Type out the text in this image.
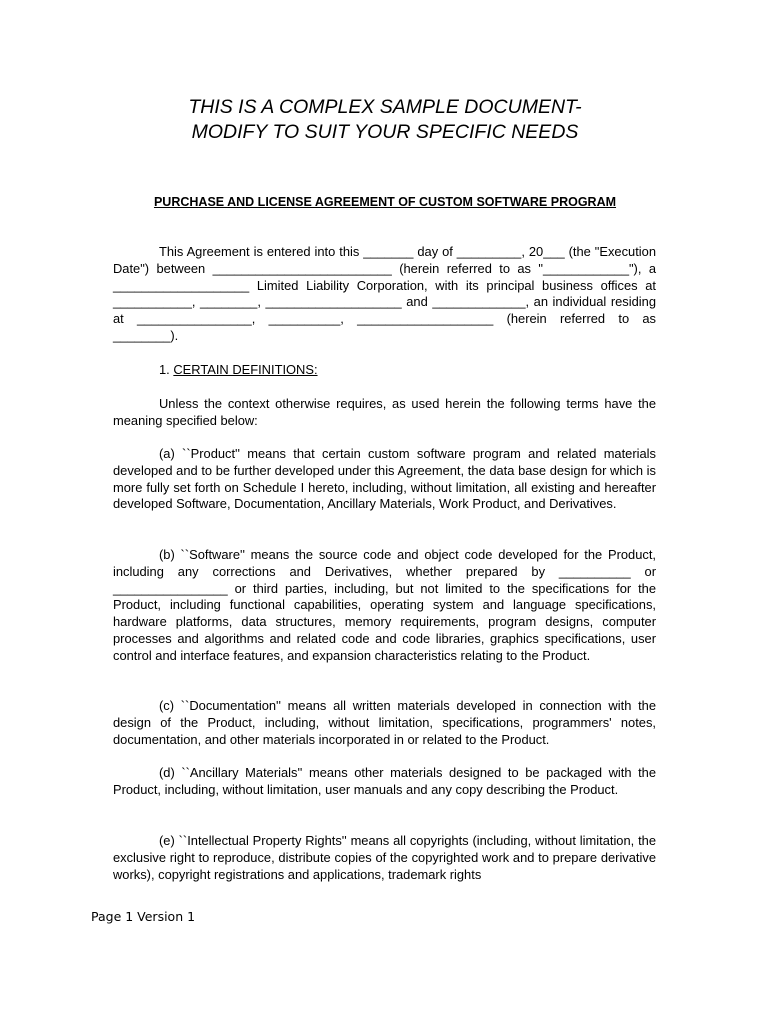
THIS IS A COMPLEX SAMPLE DOCUMENT-
MODIFY TO SUIT YOUR SPECIFIC NEEDS
PURCHASE AND LICENSE AGREEMENT OF CUSTOM SOFTWARE PROGRAM

This Agreement is entered into this _______ day of _________, 20___ (the "Execution Date") between _________________________ (herein referred to as "____________"), a ___________________ Limited Liability Corporation, with its principal business offices at ___________, ________, ___________________ and _____________, an individual residing at ________________, __________, ___________________ (herein referred to as ________).

1. CERTAIN DEFINITIONS:

Unless the context otherwise requires, as used herein the following terms have the meaning specified below:

(a) ``Product'' means that certain custom software program and related materials developed and to be further developed under this Agreement, the data base design for which is more fully set forth on Schedule I hereto, including, without limitation, all existing and hereafter developed Software, Documentation, Ancillary Materials, Work Product, and Derivatives.

(b) ``Software'' means the source code and object code developed for the Product, including any corrections and Derivatives, whether prepared by __________ or ________________ or third parties, including, but not limited to the specifications for the Product, including functional capabilities, operating system and language specifications, hardware platforms, data structures, memory requirements, program designs, computer processes and algorithms and related code and code libraries, graphics specifications, user control and interface features, and expansion characteristics relating to the Product.

(c) ``Documentation'' means all written materials developed in connection with the design of the Product, including, without limitation, specifications, programmers' notes, documentation, and other materials incorporated in or related to the Product.

(d) ``Ancillary Materials'' means other materials designed to be packaged with the Product, including, without limitation, user manuals and any copy describing the Product.

(e) ``Intellectual Property Rights'' means all copyrights (including, without limitation, the exclusive right to reproduce, distribute copies of the copyrighted work and to prepare derivative works), copyright registrations and applications, trademark rights

Page 1 Version 1
